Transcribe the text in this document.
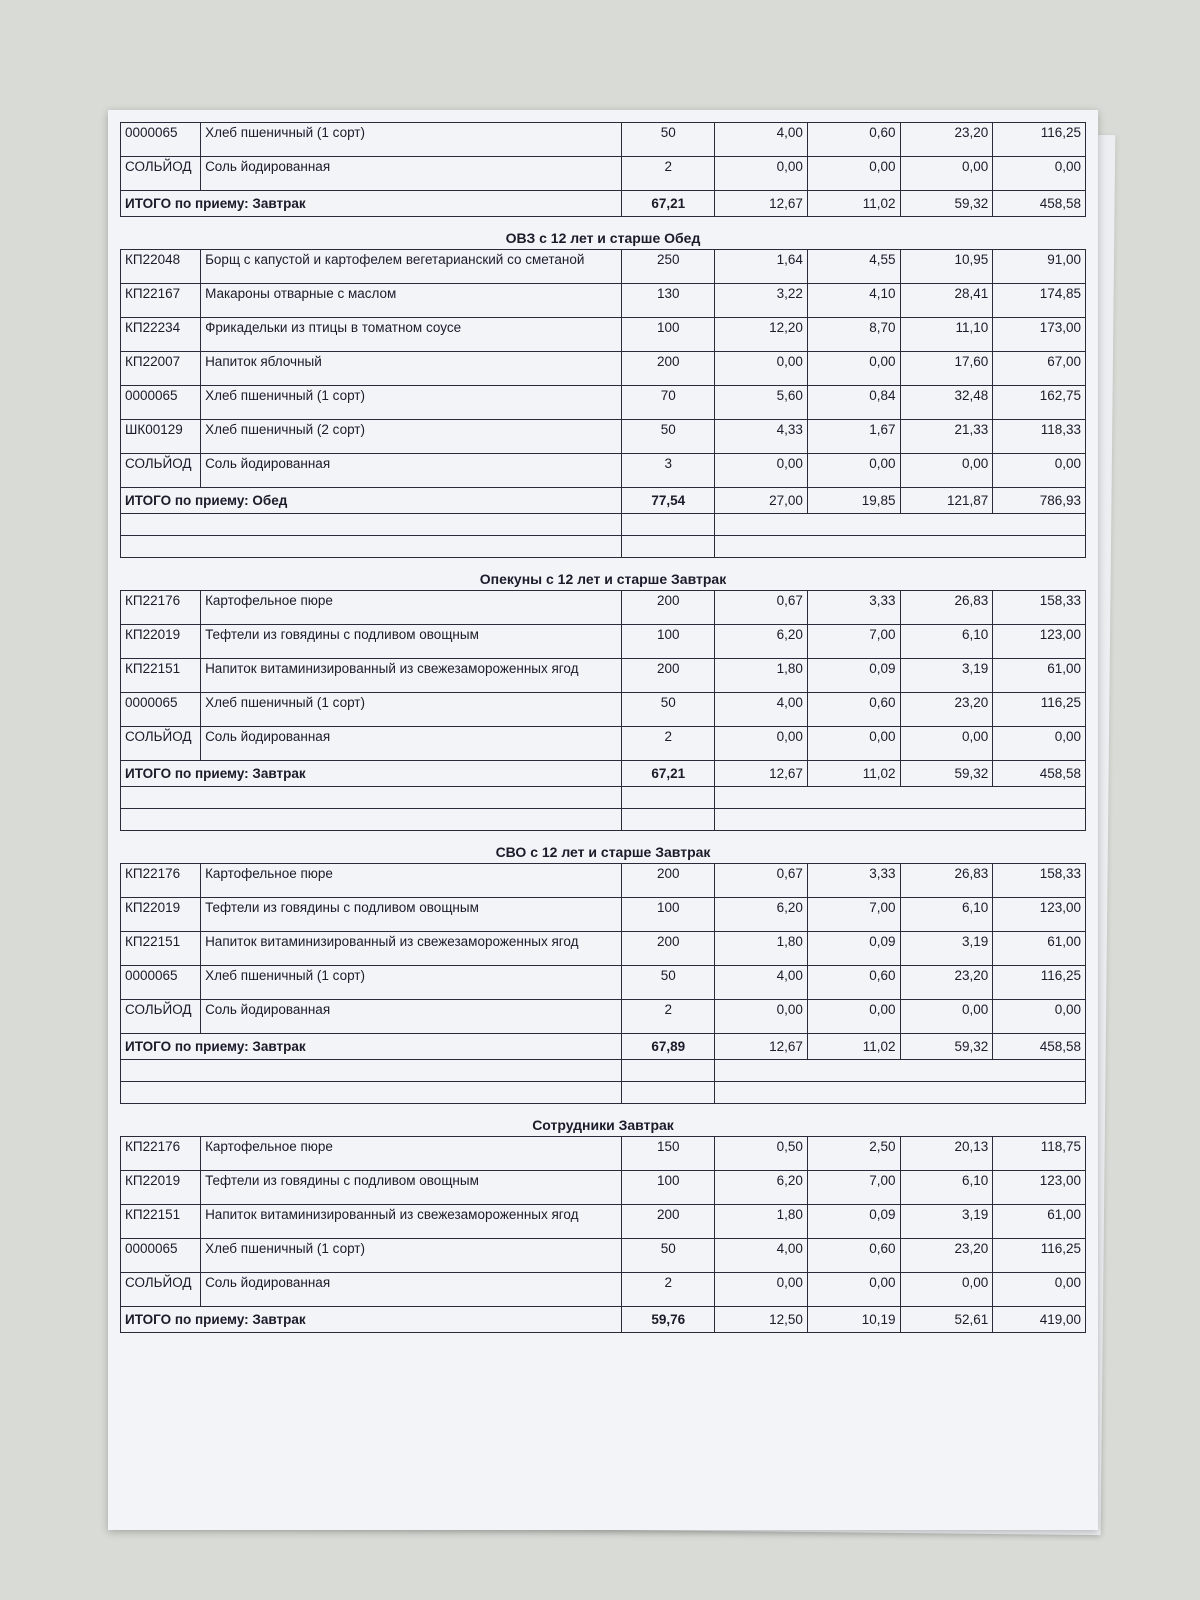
0000065	Хлеб пшеничный (1 сорт)	50	4,00	0,60	23,20	116,25
СОЛЬЙОД	Соль йодированная	2	0,00	0,00	0,00	0,00
ИТОГО по приему: Завтрак		67,21	12,67	11,02	59,32	458,58
ОВЗ с 12 лет и старше Обед
КП22048	Борщ с капустой и картофелем вегетарианский со сметаной	250	1,64	4,55	10,95	91,00
КП22167	Макароны отварные с маслом	130	3,22	4,10	28,41	174,85
КП22234	Фрикадельки из птицы в томатном соусе	100	12,20	8,70	11,10	173,00
КП22007	Напиток яблочный	200	0,00	0,00	17,60	67,00
0000065	Хлеб пшеничный (1 сорт)	70	5,60	0,84	32,48	162,75
ШК00129	Хлеб пшеничный (2 сорт)	50	4,33	1,67	21,33	118,33
СОЛЬЙОД	Соль йодированная	3	0,00	0,00	0,00	0,00
ИТОГО по приему: Обед		77,54	27,00	19,85	121,87	786,93

Опекуны с 12 лет и старше Завтрак
КП22176	Картофельное пюре	200	0,67	3,33	26,83	158,33
КП22019	Тефтели из говядины с подливом овощным	100	6,20	7,00	6,10	123,00
КП22151	Напиток витаминизированный из свежезамороженных ягод	200	1,80	0,09	3,19	61,00
0000065	Хлеб пшеничный (1 сорт)	50	4,00	0,60	23,20	116,25
СОЛЬЙОД	Соль йодированная	2	0,00	0,00	0,00	0,00
ИТОГО по приему: Завтрак		67,21	12,67	11,02	59,32	458,58

СВО с 12 лет и старше Завтрак
КП22176	Картофельное пюре	200	0,67	3,33	26,83	158,33
КП22019	Тефтели из говядины с подливом овощным	100	6,20	7,00	6,10	123,00
КП22151	Напиток витаминизированный из свежезамороженных ягод	200	1,80	0,09	3,19	61,00
0000065	Хлеб пшеничный (1 сорт)	50	4,00	0,60	23,20	116,25
СОЛЬЙОД	Соль йодированная	2	0,00	0,00	0,00	0,00
ИТОГО по приему: Завтрак		67,89	12,67	11,02	59,32	458,58

Сотрудники Завтрак
КП22176	Картофельное пюре	150	0,50	2,50	20,13	118,75
КП22019	Тефтели из говядины с подливом овощным	100	6,20	7,00	6,10	123,00
КП22151	Напиток витаминизированный из свежезамороженных ягод	200	1,80	0,09	3,19	61,00
0000065	Хлеб пшеничный (1 сорт)	50	4,00	0,60	23,20	116,25
СОЛЬЙОД	Соль йодированная	2	0,00	0,00	0,00	0,00
ИТОГО по приему: Завтрак		59,76	12,50	10,19	52,61	419,00
